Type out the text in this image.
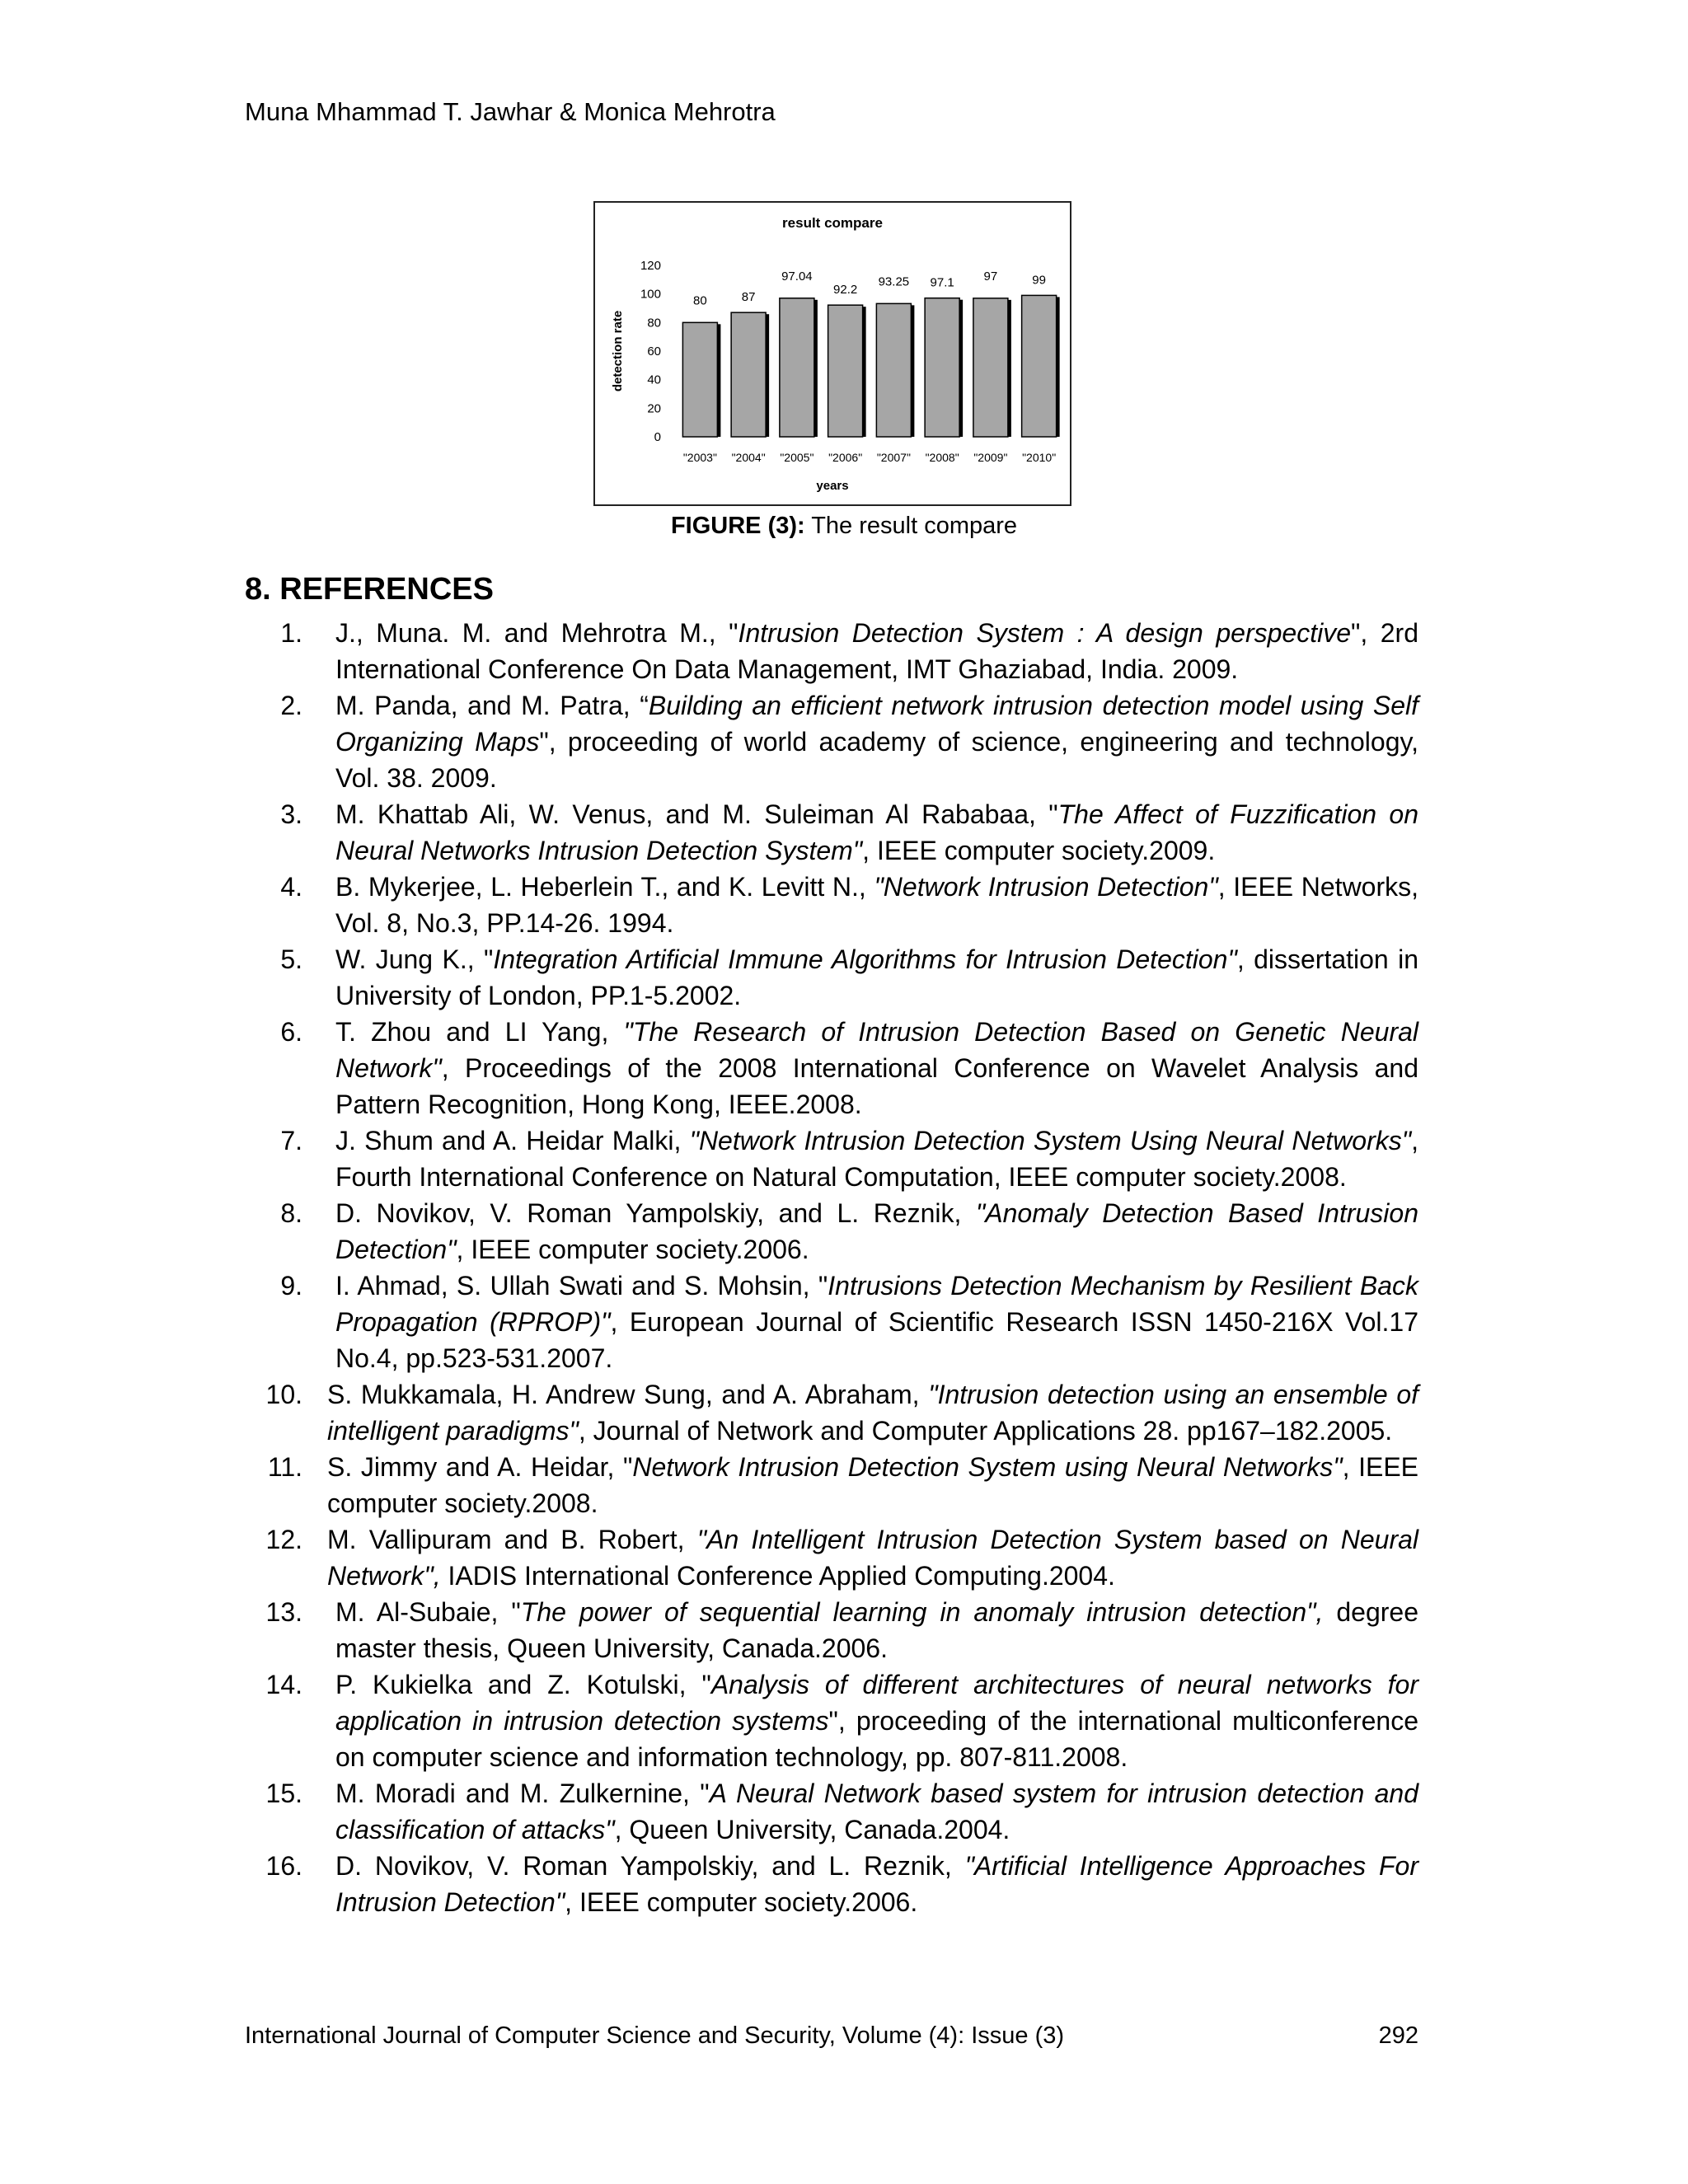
Muna Mhammad T. Jawhar & Monica Mehrotra
result compare
0
20
40
60
80
100
120
detection rate
80
"2003"
87
"2004"
97.04
"2005"
92.2
"2006"
93.25
"2007"
97.1
"2008"
97
"2009"
99
"2010"
years
FIGURE (3): The result compare
8. REFERENCES
1.	J., Muna. M. and Mehrotra M., "Intrusion Detection System : A design perspective", 2rd International Conference On Data Management, IMT Ghaziabad, India. 2009.
2.	M. Panda, and M. Patra, “Building an efficient network intrusion detection model using Self Organizing Maps", proceeding of world academy of science, engineering and technology, Vol. 38. 2009.
3.	M. Khattab Ali, W. Venus, and M. Suleiman Al Rababaa, "The Affect of Fuzzification on Neural Networks Intrusion Detection System", IEEE computer society.2009.
4.	B. Mykerjee, L. Heberlein T., and K. Levitt N., "Network Intrusion Detection", IEEE Networks, Vol. 8, No.3, PP.14-26. 1994.
5.	W. Jung K., "Integration Artificial Immune Algorithms for Intrusion Detection", dissertation in University of London, PP.1-5.2002.
6.	T. Zhou and LI Yang, "The Research of Intrusion Detection Based on Genetic Neural Network", Proceedings of the 2008 International Conference on Wavelet Analysis and Pattern Recognition, Hong Kong, IEEE.2008.
7.	J. Shum and A. Heidar Malki, "Network Intrusion Detection System Using Neural Networks", Fourth International Conference on Natural Computation, IEEE computer society.2008.
8.	D. Novikov, V. Roman Yampolskiy, and L. Reznik, "Anomaly Detection Based Intrusion Detection", IEEE computer society.2006.
9.	I. Ahmad, S. Ullah Swati and S. Mohsin, "Intrusions Detection Mechanism by Resilient Back Propagation (RPROP)", European Journal of Scientific Research ISSN 1450-216X Vol.17 No.4, pp.523-531.2007.
10. S. Mukkamala, H. Andrew Sung, and A. Abraham, "Intrusion detection using an ensemble of intelligent paradigms", Journal of Network and Computer Applications 28. pp167–182.2005.
11. S. Jimmy and A. Heidar, "Network Intrusion Detection System using Neural Networks", IEEE computer society.2008.
12. M. Vallipuram and B. Robert, "An Intelligent Intrusion Detection System based on Neural Network", IADIS International Conference Applied Computing.2004.
13.	M. Al-Subaie, "The power of sequential learning in anomaly intrusion detection", degree master thesis, Queen University, Canada.2006.
14.	P. Kukielka and Z. Kotulski, "Analysis of different architectures of neural networks for application in intrusion detection systems", proceeding of the international multiconference on computer science and information technology, pp. 807-811.2008.
15.	M. Moradi and M. Zulkernine, "A Neural Network based system for intrusion detection and classification of attacks", Queen University, Canada.2004.
16.	D. Novikov, V. Roman Yampolskiy, and L. Reznik, "Artificial Intelligence Approaches For Intrusion Detection", IEEE computer society.2006.
International Journal of Computer Science and Security, Volume (4): Issue (3)	292
